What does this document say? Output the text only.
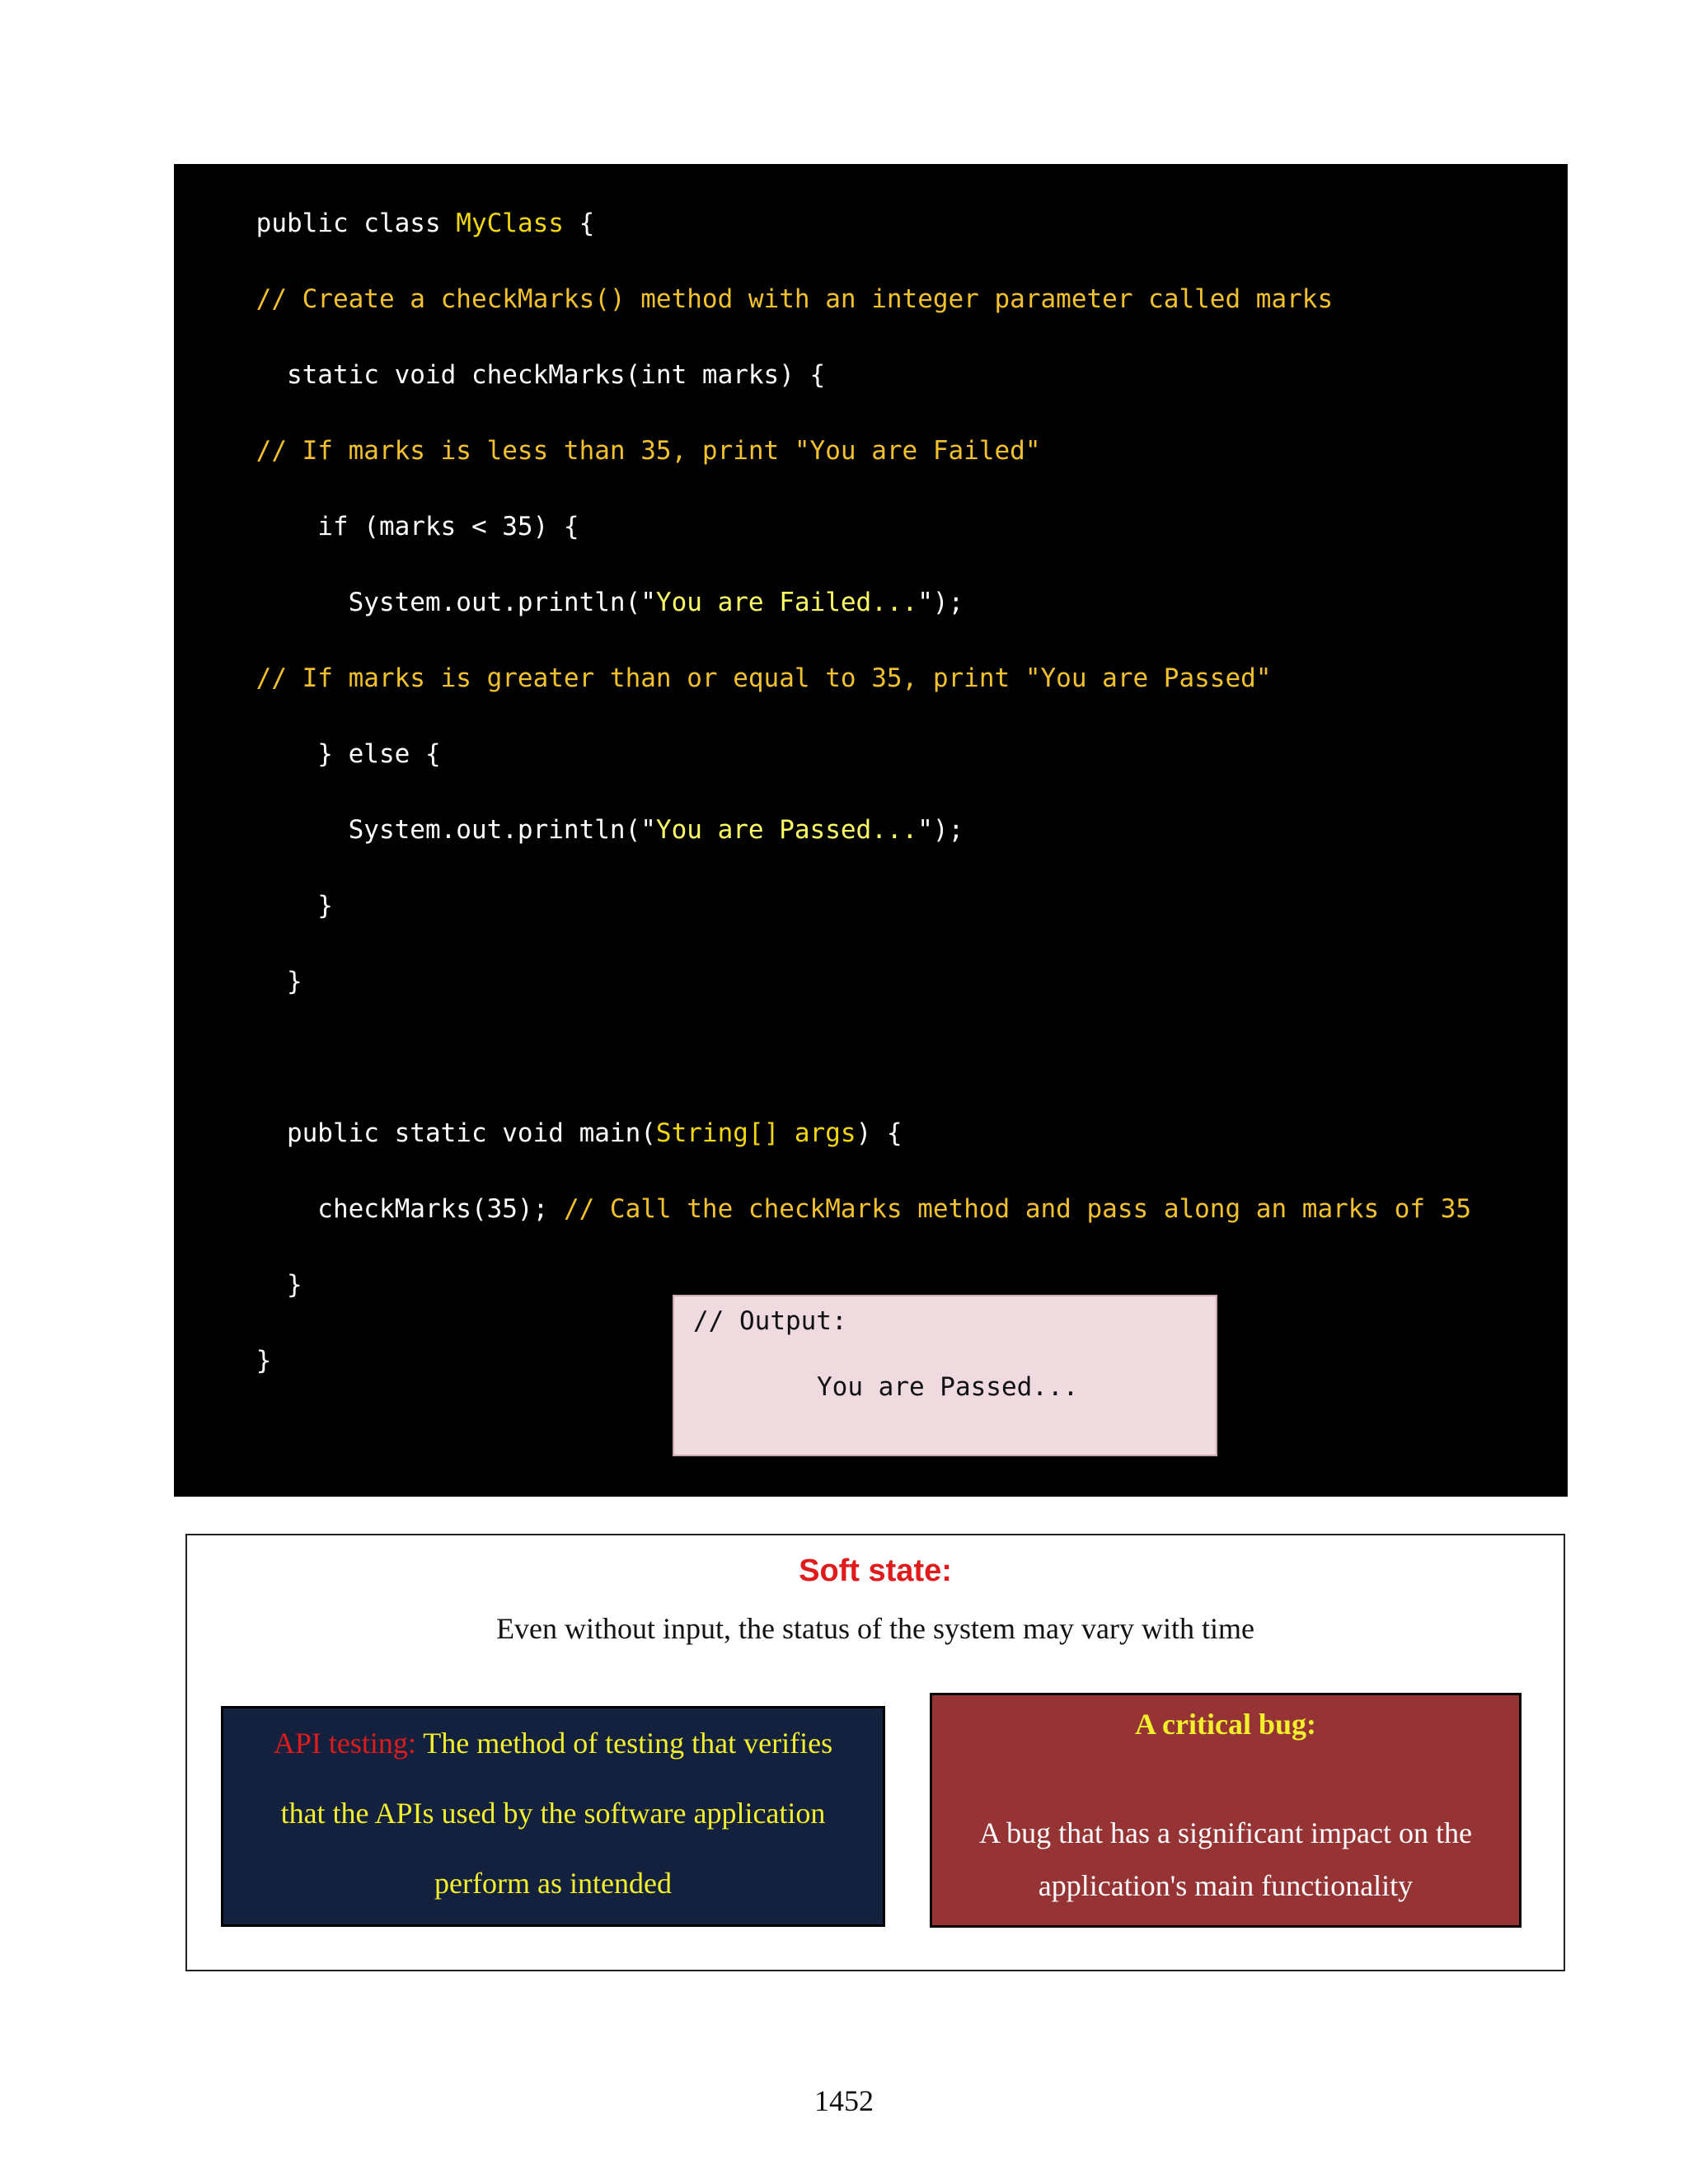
public class MyClass {

// Create a checkMarks() method with an integer parameter called marks

static void checkMarks(int marks) {

// If marks is less than 35, print "You are Failed"

if (marks < 35) {

System.out.println("You are Failed...");

// If marks is greater than or equal to 35, print "You are Passed"

} else {

System.out.println("You are Passed...");

}

}

public static void main(String[] args) {

checkMarks(35); // Call the checkMarks method and pass along an marks of 35

}

}

// Output:
You are Passed...
Soft state:
Even without input, the status of the system may vary with time
API testing: The method of testing that verifies
that the APIs used by the software application
perform as intended
A critical bug:
A bug that has a significant impact on the
application's main functionality
1452
